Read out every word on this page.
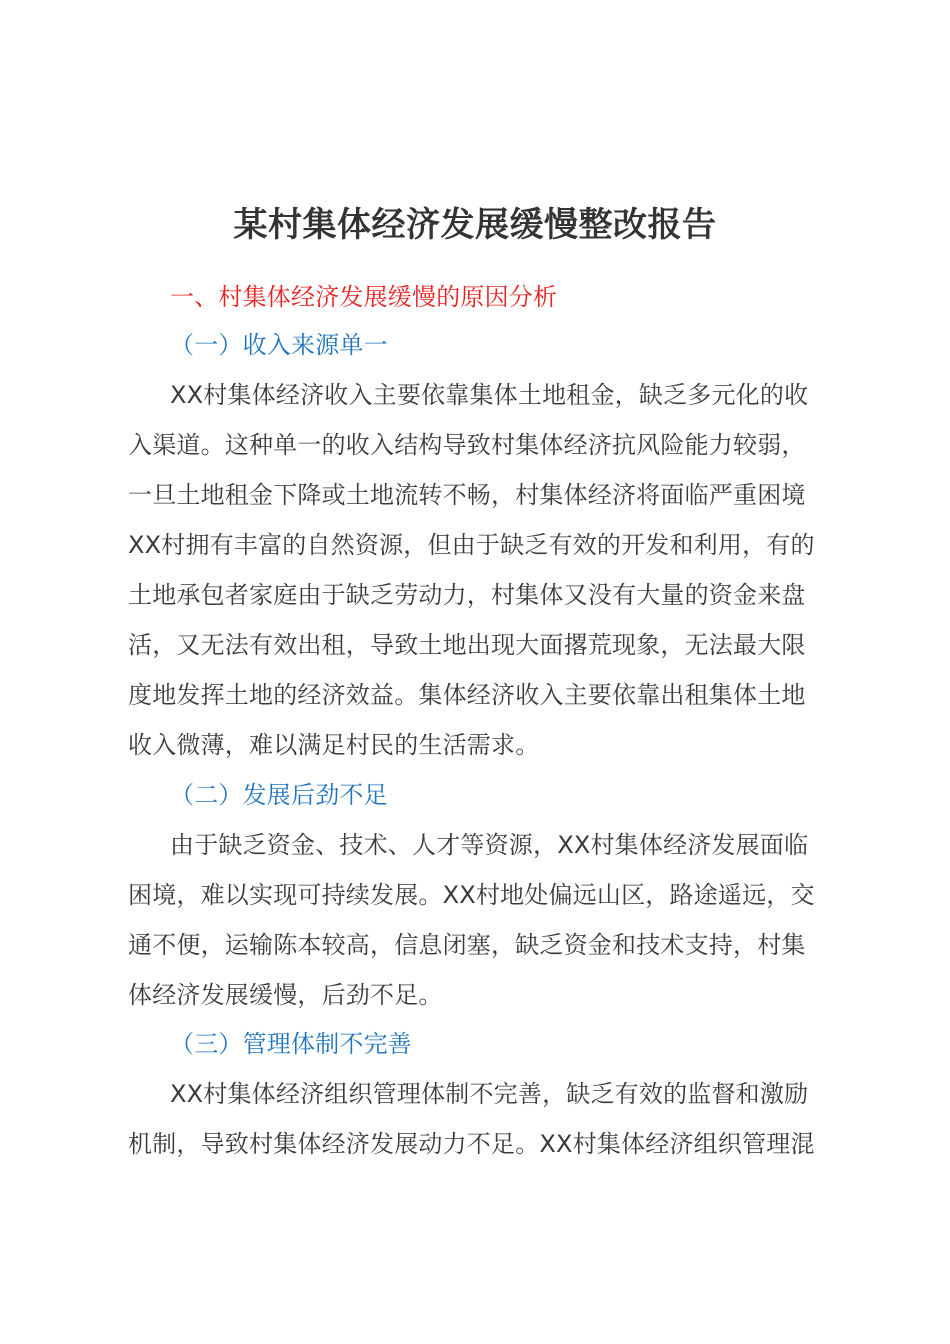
某村集体经济发展缓慢整改报告
一、村集体经济发展缓慢的原因分析
（一）收入来源单一
XX村集体经济收入主要依靠集体土地租金，缺乏多元化的收
入渠道。这种单一的收入结构导致村集体经济抗风险能力较弱，
一旦土地租金下降或土地流转不畅，村集体经济将面临严重困境
XX村拥有丰富的自然资源，但由于缺乏有效的开发和利用，有的
土地承包者家庭由于缺乏劳动力，村集体又没有大量的资金来盘
活，又无法有效出租，导致土地出现大面撂荒现象，无法最大限
度地发挥土地的经济效益。集体经济收入主要依靠出租集体土地
收入微薄，难以满足村民的生活需求。
（二）发展后劲不足
由于缺乏资金、技术、人才等资源，XX村集体经济发展面临
困境，难以实现可持续发展。XX村地处偏远山区，路途遥远，交
通不便，运输陈本较高，信息闭塞，缺乏资金和技术支持，村集
体经济发展缓慢，后劲不足。
（三）管理体制不完善
XX村集体经济组织管理体制不完善，缺乏有效的监督和激励
机制，导致村集体经济发展动力不足。XX村集体经济组织管理混
